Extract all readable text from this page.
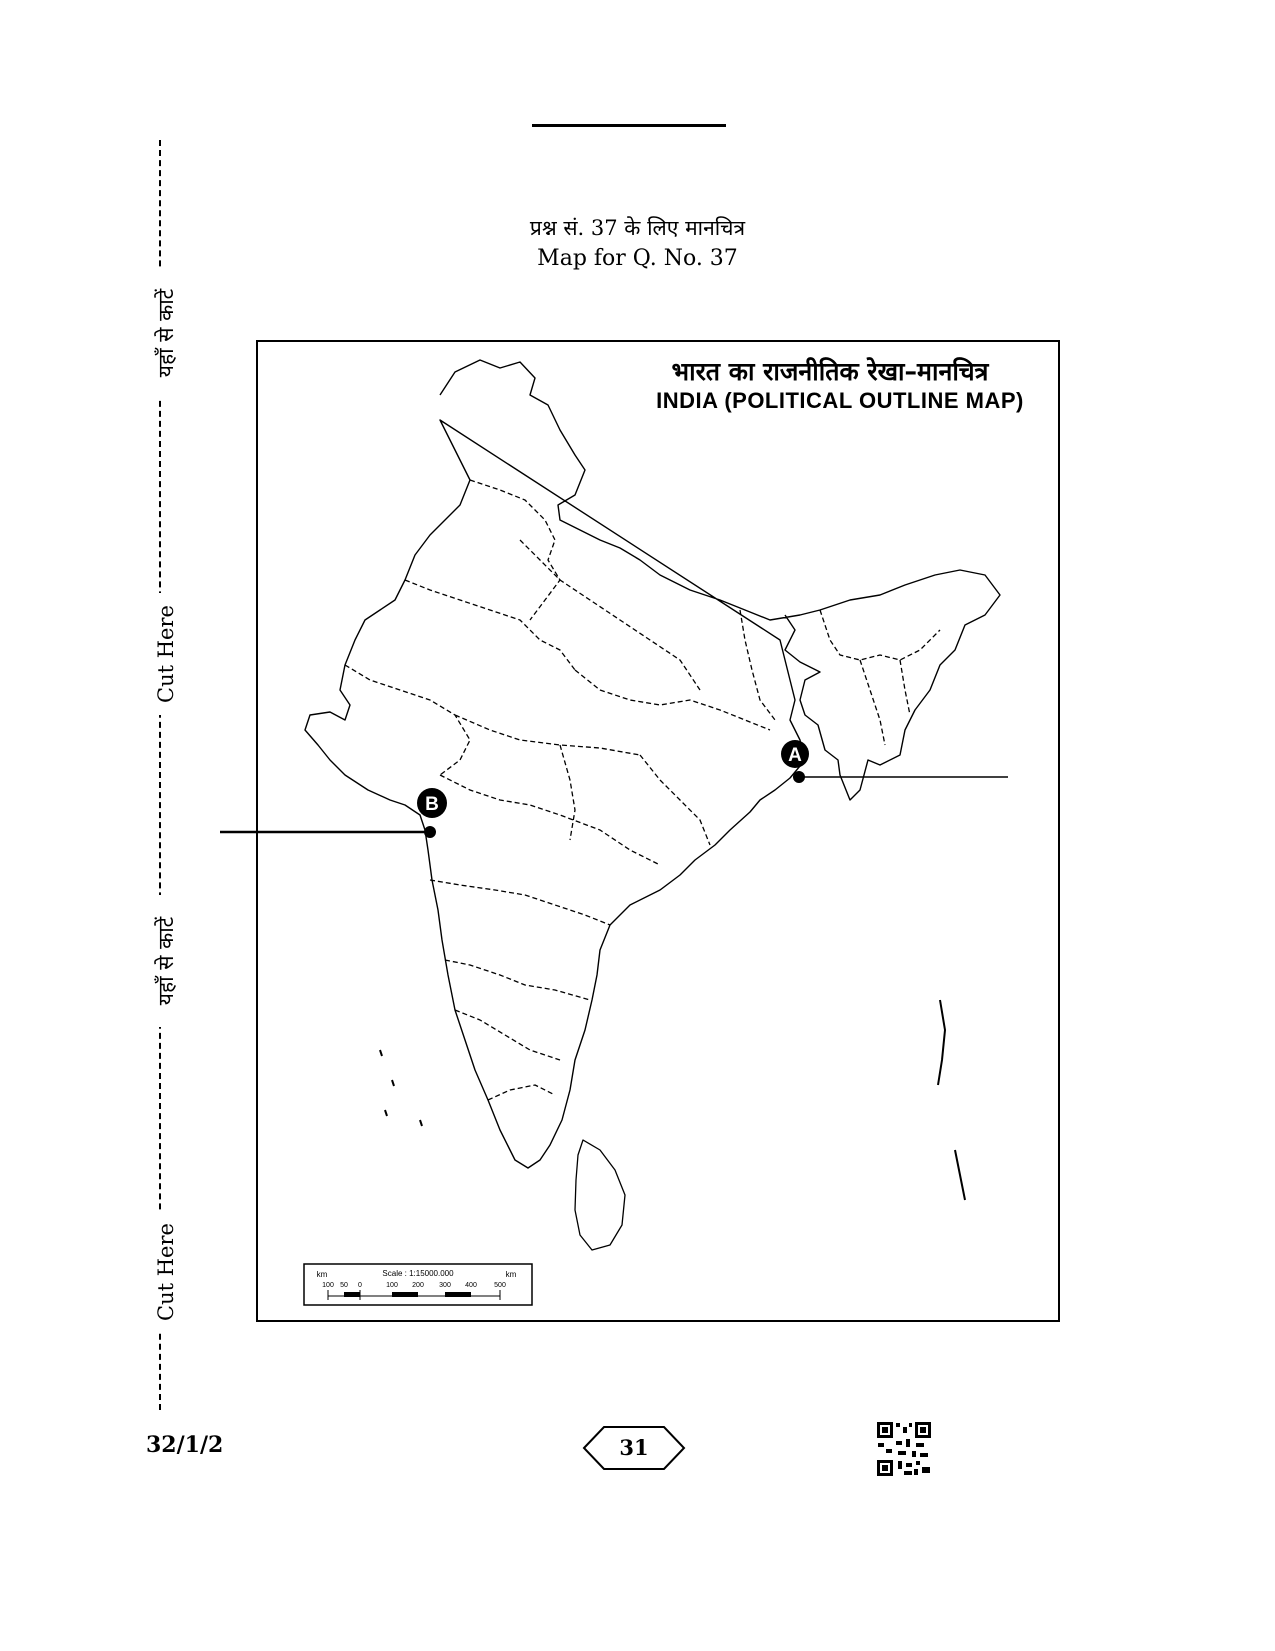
प्रश्न सं. 37 के लिए मानचित्र
Map for Q. No. 37
यहाँ से काटें
Cut Here
यहाँ से काटें
Cut Here
भारत का राजनीतिक रेखा–मानचित्र
INDIA (POLITICAL OUTLINE MAP)
A
B
km	Scale : 1:15000.000	km
100 50 0	100 200 300 400 500
32/1/2	31
